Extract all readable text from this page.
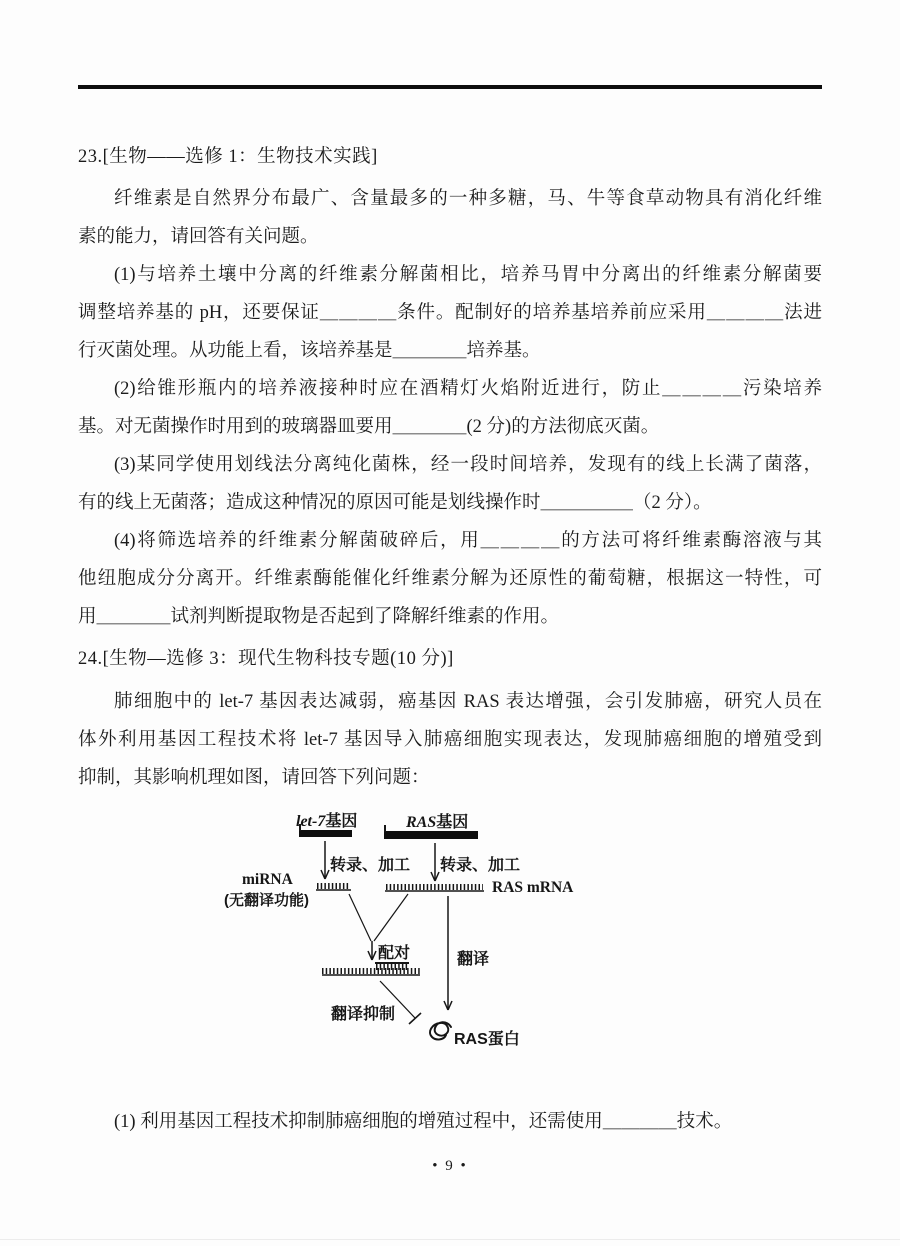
23.[生物——选修 1：生物技术实践]
纤维素是自然界分布最广、含量最多的一种多糖，马、牛等食草动物具有消化纤维
素的能力，请回答有关问题。
(1)与培养土壤中分离的纤维素分解菌相比，培养马胃中分离出的纤维素分解菌要
调整培养基的 pH，还要保证＿＿＿＿条件。配制好的培养基培养前应采用＿＿＿＿法进
行灭菌处理。从功能上看，该培养基是＿＿＿＿培养基。
(2)给锥形瓶内的培养液接种时应在酒精灯火焰附近进行，防止＿＿＿＿污染培养
基。对无菌操作时用到的玻璃器皿要用＿＿＿＿(2 分)的方法彻底灭菌。
(3)某同学使用划线法分离纯化菌株，经一段时间培养，发现有的线上长满了菌落，
有的线上无菌落；造成这种情况的原因可能是划线操作时＿＿＿＿＿（2 分）。
(4)将筛选培养的纤维素分解菌破碎后，用＿＿＿＿的方法可将纤维素酶溶液与其
他纽胞成分分离开。纤维素酶能催化纤维素分解为还原性的葡萄糖，根据这一特性，可
用＿＿＿＿试剂判断提取物是否起到了降解纤维素的作用。
24.[生物—选修 3：现代生物科技专题(10 分)]
肺细胞中的 let-7 基因表达减弱，癌基因 RAS 表达增强，会引发肺癌，研究人员在
体外利用基因工程技术将 let-7 基因导入肺癌细胞实现表达，发现肺癌细胞的增殖受到
抑制，其影响机理如图，请回答下列问题：
let-7基因	RAS基因
转录、加工 转录、加工
miRNA
(无翻译功能)
RAS mRNA
配对	翻译
翻译抑制
RAS蛋白
(1) 利用基因工程技术抑制肺癌细胞的增殖过程中，还需使用＿＿＿＿技术。
• 9 •
